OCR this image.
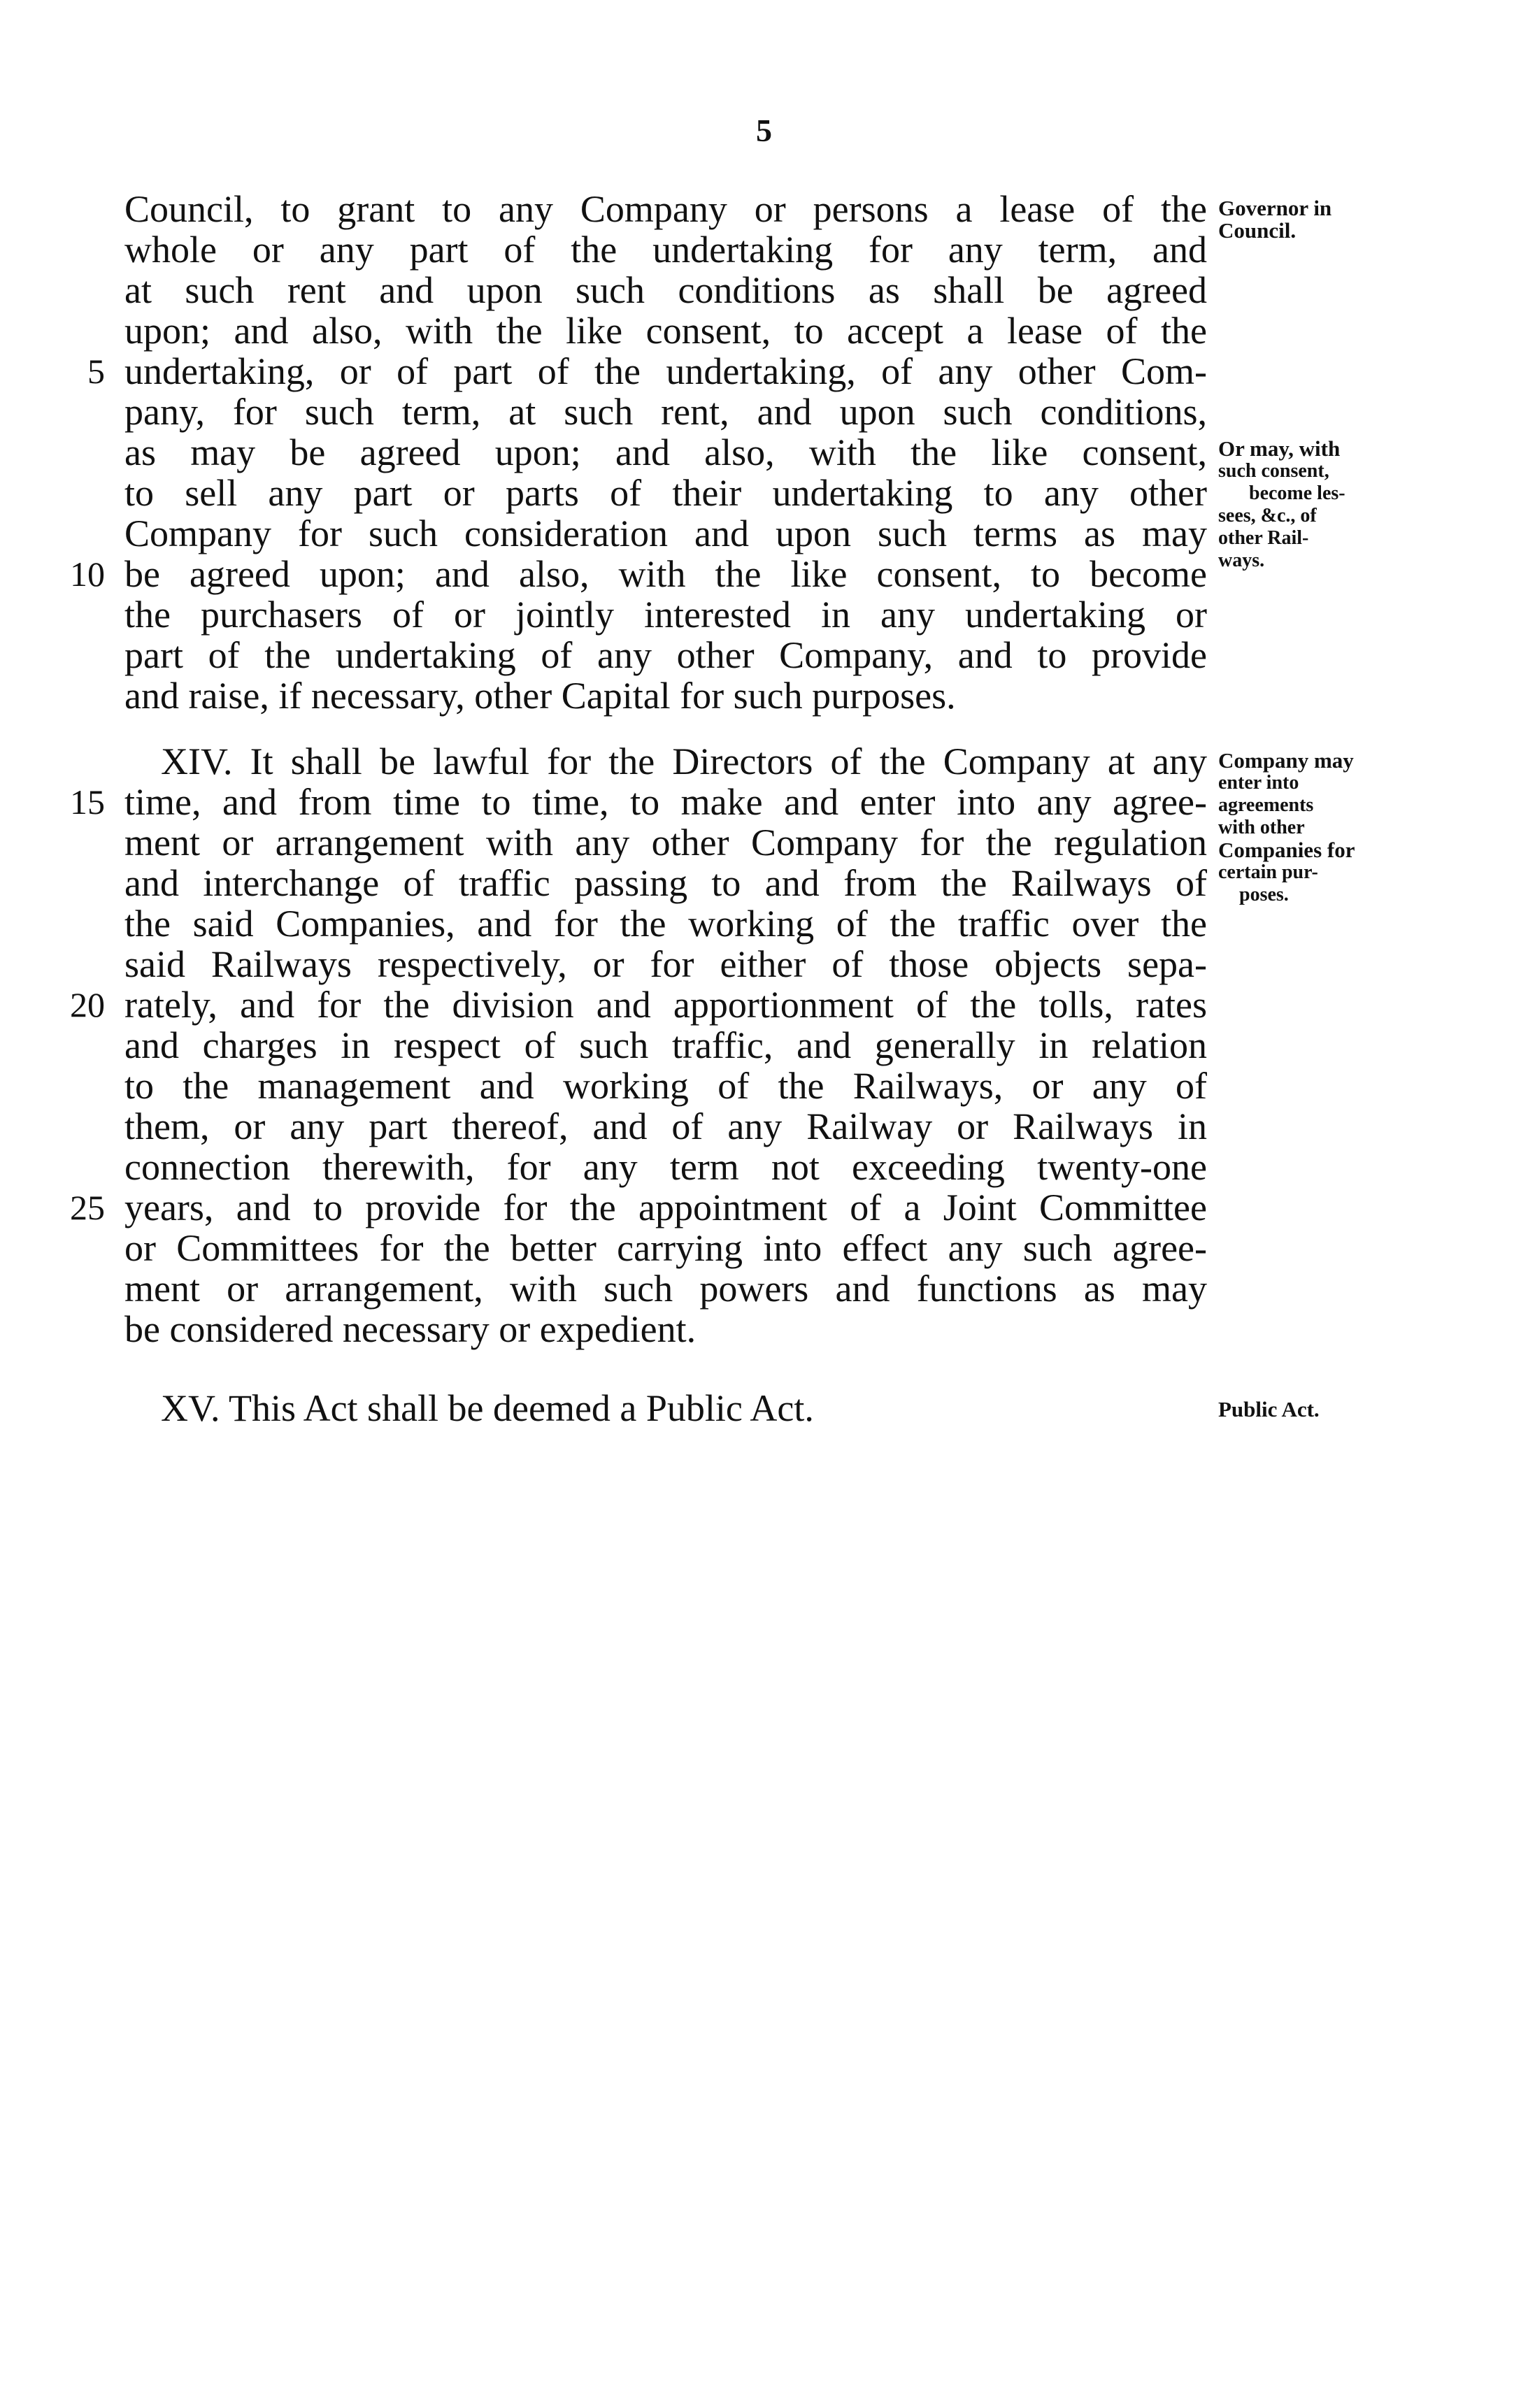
5
Council, to grant to any Company or persons a lease of the
whole or any part of the undertaking for any term, and
at such rent and upon such conditions as shall be agreed
upon; and also, with the like consent, to accept a lease of the
undertaking, or of part of the undertaking, of any other Com-
pany, for such term, at such rent, and upon such conditions,
as may be agreed upon; and also, with the like consent,
to sell any part or parts of their undertaking to any other
Company for such consideration and upon such terms as may
be agreed upon; and also, with the like consent, to become
the purchasers of or jointly interested in any undertaking or
part of the undertaking of any other Company, and to provide
and raise, if necessary, other Capital for such purposes.
XIV. It shall be lawful for the Directors of the Company at any
time, and from time to time, to make and enter into any agree-
ment or arrangement with any other Company for the regulation
and interchange of traffic passing to and from the Railways of
the said Companies, and for the working of the traffic over the
said Railways respectively, or for either of those objects sepa-
rately, and for the division and apportionment of the tolls, rates
and charges in respect of such traffic, and generally in relation
to the management and working of the Railways, or any of
them, or any part thereof, and of any Railway or Railways in
connection therewith, for any term not exceeding twenty-one
years, and to provide for the appointment of a Joint Committee
or Committees for the better carrying into effect any such agree-
ment or arrangement, with such powers and functions as may
be considered necessary or expedient.
5
10
15
20
25
XV. This Act shall be deemed a Public Act.
Governor in
Council.
Or may, with
such consent,
become les-
sees, &c., of
other Rail-
ways.
Company may
enter into
agreements
with other
Companies for
certain pur-
poses.
Public Act.
